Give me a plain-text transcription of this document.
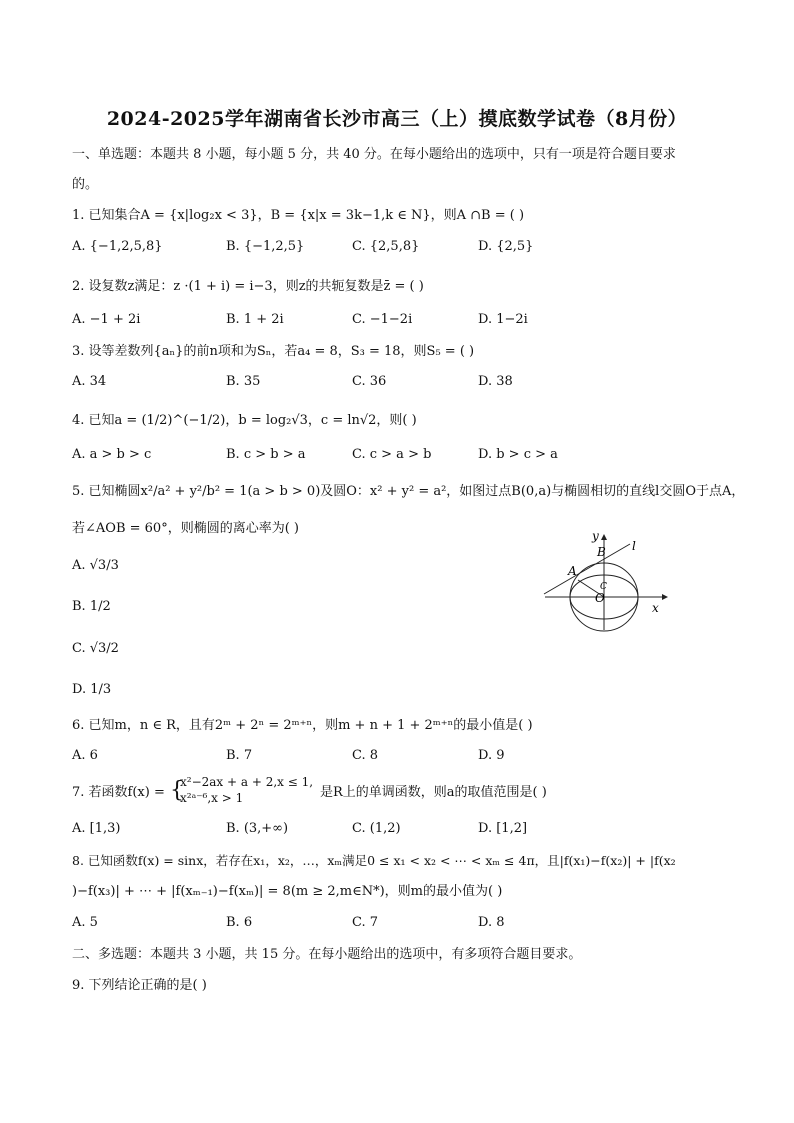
2024-2025学年湖南省长沙市高三（上）摸底数学试卷（8月份）
一、单选题：本题共 8 小题，每小题 5 分，共 40 分。在每小题给出的选项中，只有一项是符合题目要求
的。
1. 已知集合A = {x|log₂x < 3}，B = {x|x = 3k−1,k ∈ N}，则A ∩B = ( )
A. {−1,2,5,8}	B. {−1,2,5}	C. {2,5,8}	D. {2,5}
2. 设复数z满足：z ·(1 + i) = i−3，则z的共轭复数是z̄ = ( )
A. −1 + 2i	B. 1 + 2i	C. −1−2i	D. 1−2i
3. 设等差数列{aₙ}的前n项和为Sₙ，若a₄ = 8，S₃ = 18，则S₅ = ( )
A. 34	B. 35	C. 36	D. 38
4. 已知a = (1/2)^(−1/2)，b = log₂√3，c = ln√2，则( )
A. a > b > c	B. c > b > a	C. c > a > b	D. b > c > a
5. 已知椭圆x²/a² + y²/b² = 1(a > b > 0)及圆O：x² + y² = a²，如图过点B(0,a)与椭圆相切的直线l交圆O于点A，
若∠AOB = 60°，则椭圆的离心率为( )
A. √3/3
B. 1/2
C. √3/2
D. 1/3
y
x
B l
A
O
C
6. 已知m，n ∈ R，且有2ᵐ + 2ⁿ = 2ᵐ⁺ⁿ，则m + n + 1 + 2ᵐ⁺ⁿ的最小值是( )
A. 6	B. 7	C. 8	D. 9
7. 若函数f(x) = {
x²−2ax + a + 2,x ≤ 1,
x²ᵃ⁻⁶,x > 1	是R上的单调函数，则a的取值范围是( )
A. [1,3)	B. (3,+∞)	C. (1,2)	D. [1,2]
8. 已知函数f(x) = sinx，若存在x₁，x₂，…，xₘ满足0 ≤ x₁ < x₂ < ⋯ < xₘ ≤ 4π，且|f(x₁)−f(x₂)| + |f(x₂
)−f(x₃)| + ⋯ + |f(xₘ₋₁)−f(xₘ)| = 8(m ≥ 2,m∈N*)，则m的最小值为( )
A. 5	B. 6	C. 7	D. 8
二、多选题：本题共 3 小题，共 15 分。在每小题给出的选项中，有多项符合题目要求。
9. 下列结论正确的是( )
